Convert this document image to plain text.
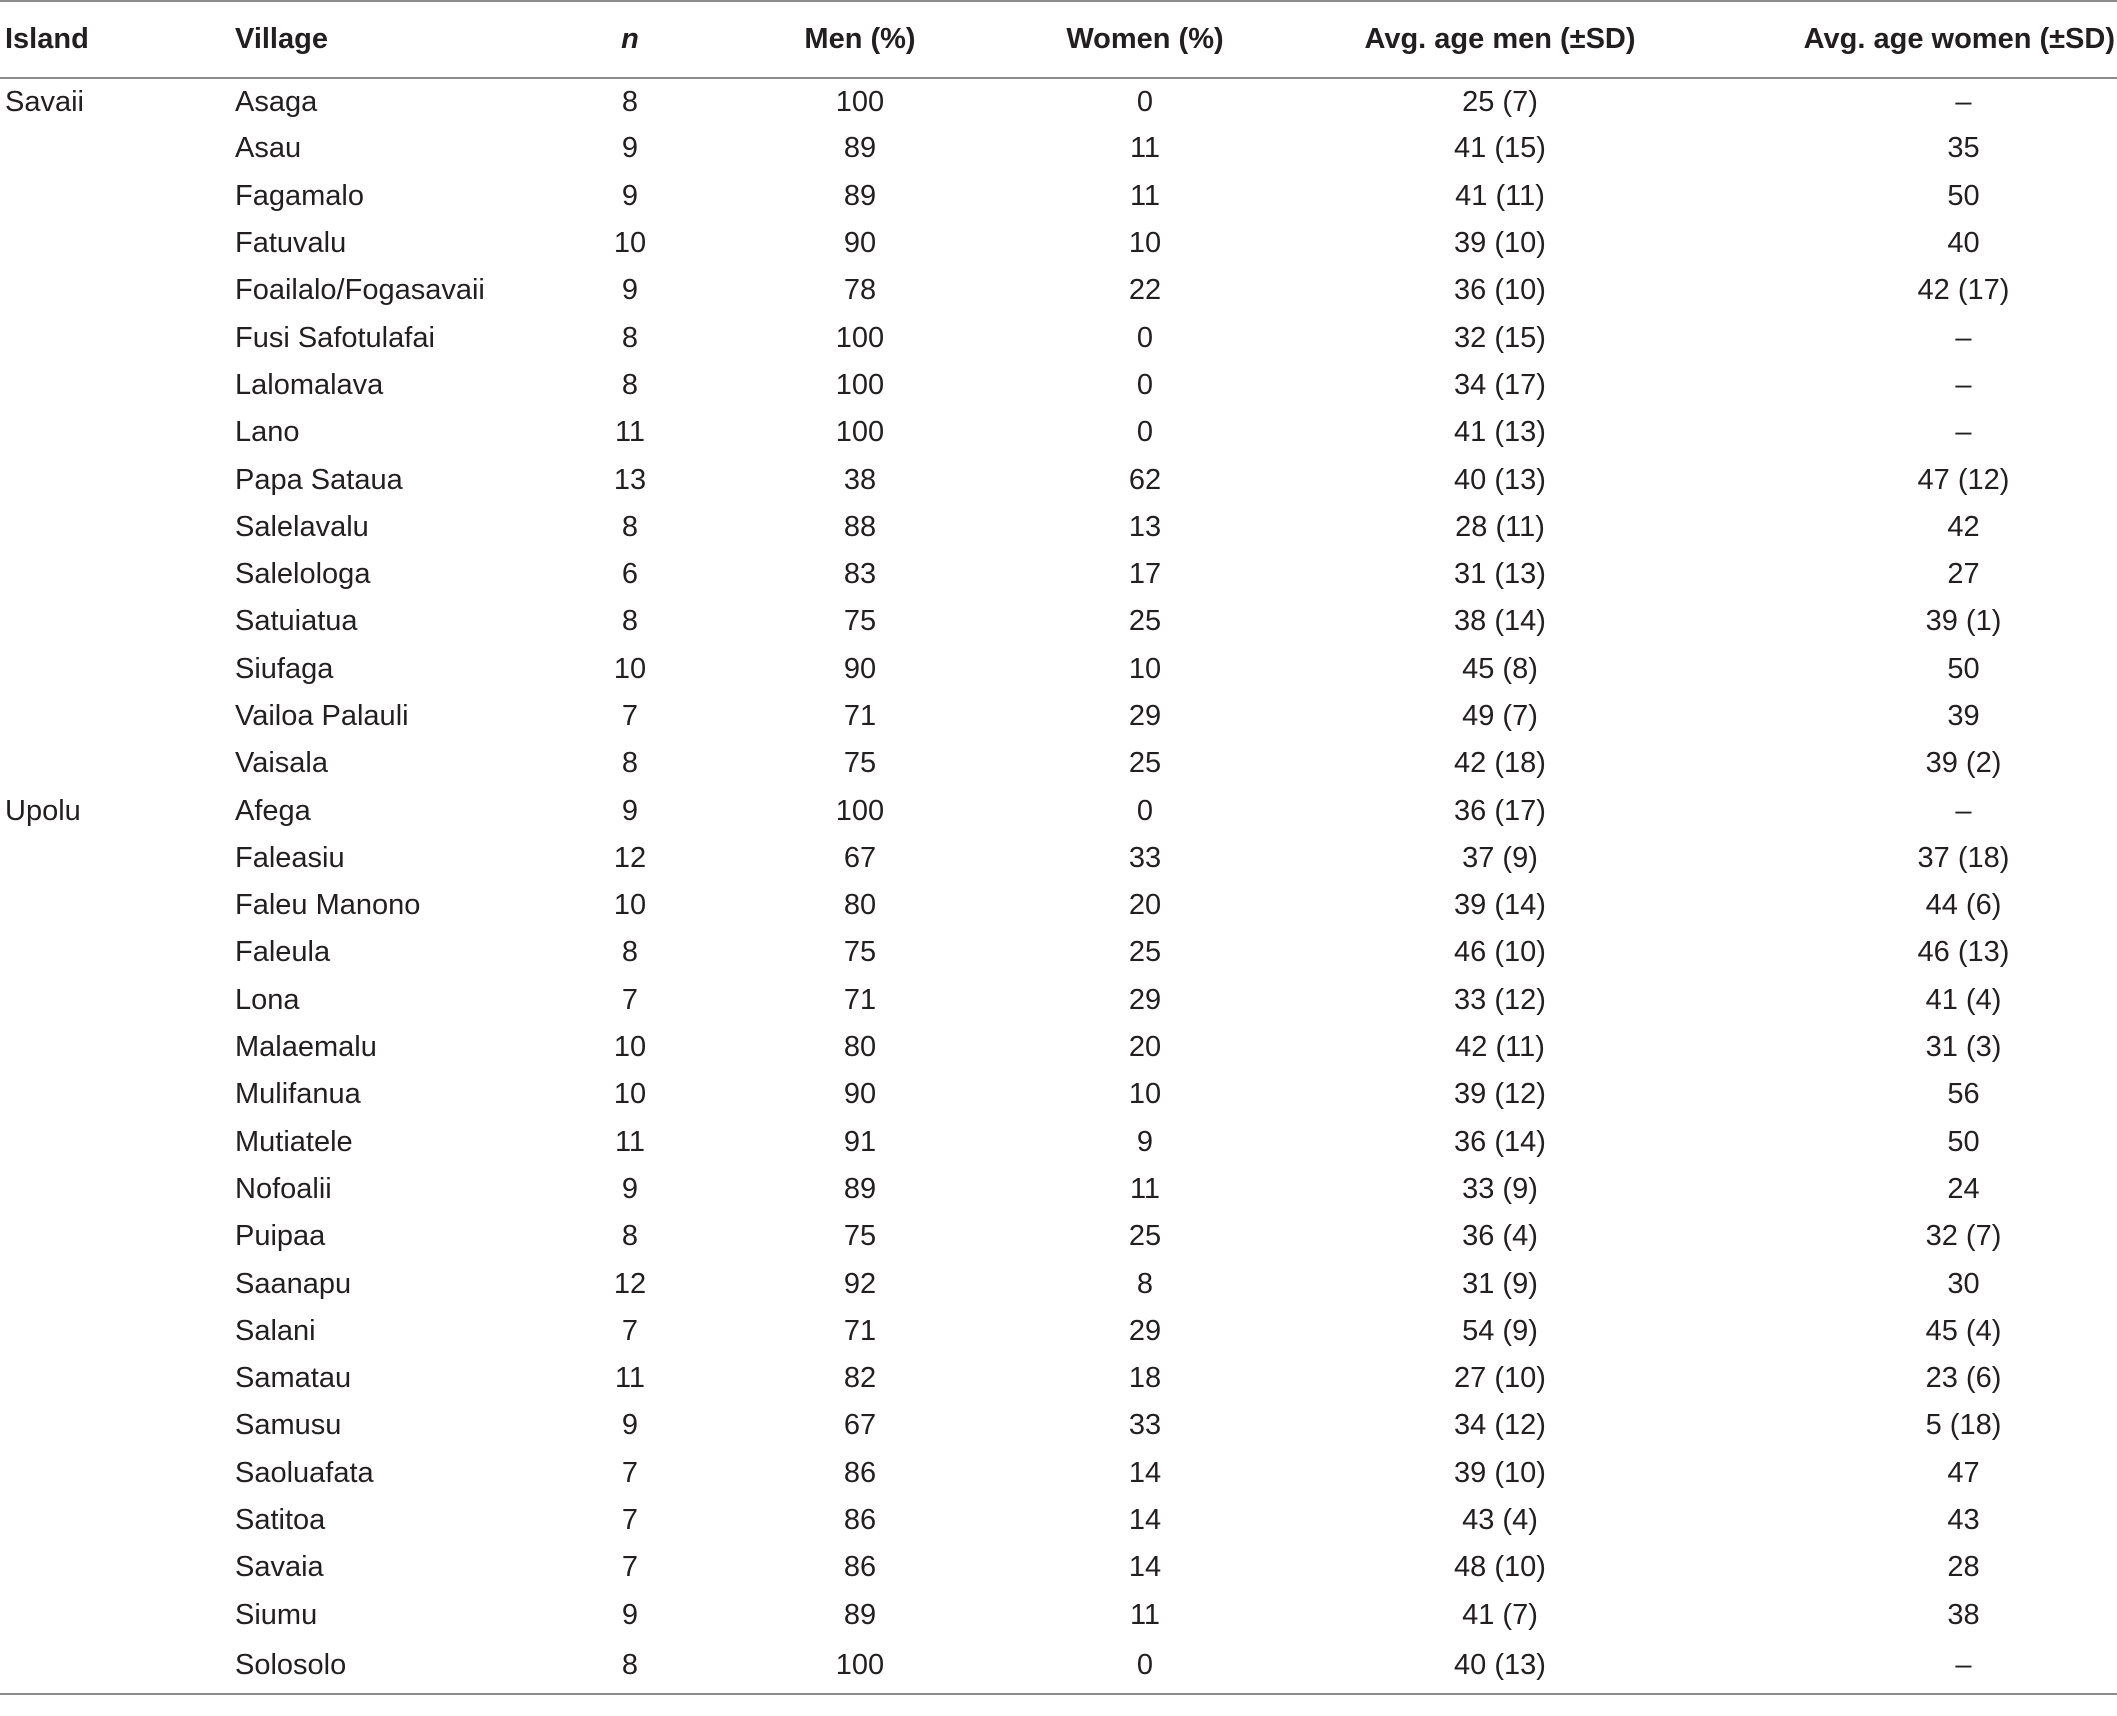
Island	Village	n	Men (%)	Women (%)	Avg. age men (±SD)	Avg. age women (±SD)
Savaii	Asaga	8	100	0	25 (7)	–
	Asau	9	89	11	41 (15)	35
	Fagamalo	9	89	11	41 (11)	50
	Fatuvalu	10	90	10	39 (10)	40
	Foailalo/Fogasavaii	9	78	22	36 (10)	42 (17)
	Fusi Safotulafai	8	100	0	32 (15)	–
	Lalomalava	8	100	0	34 (17)	–
	Lano	11	100	0	41 (13)	–
	Papa Sataua	13	38	62	40 (13)	47 (12)
	Salelavalu	8	88	13	28 (11)	42
	Salelologa	6	83	17	31 (13)	27
	Satuiatua	8	75	25	38 (14)	39 (1)
	Siufaga	10	90	10	45 (8)	50
	Vailoa Palauli	7	71	29	49 (7)	39
	Vaisala	8	75	25	42 (18)	39 (2)
Upolu	Afega	9	100	0	36 (17)	–
	Faleasiu	12	67	33	37 (9)	37 (18)
	Faleu Manono	10	80	20	39 (14)	44 (6)
	Faleula	8	75	25	46 (10)	46 (13)
	Lona	7	71	29	33 (12)	41 (4)
	Malaemalu	10	80	20	42 (11)	31 (3)
	Mulifanua	10	90	10	39 (12)	56
	Mutiatele	11	91	9	36 (14)	50
	Nofoalii	9	89	11	33 (9)	24
	Puipaa	8	75	25	36 (4)	32 (7)
	Saanapu	12	92	8	31 (9)	30
	Salani	7	71	29	54 (9)	45 (4)
	Samatau	11	82	18	27 (10)	23 (6)
	Samusu	9	67	33	34 (12)	5 (18)
	Saoluafata	7	86	14	39 (10)	47
	Satitoa	7	86	14	43 (4)	43
	Savaia	7	86	14	48 (10)	28
	Siumu	9	89	11	41 (7)	38
	Solosolo	8	100	0	40 (13)	–
